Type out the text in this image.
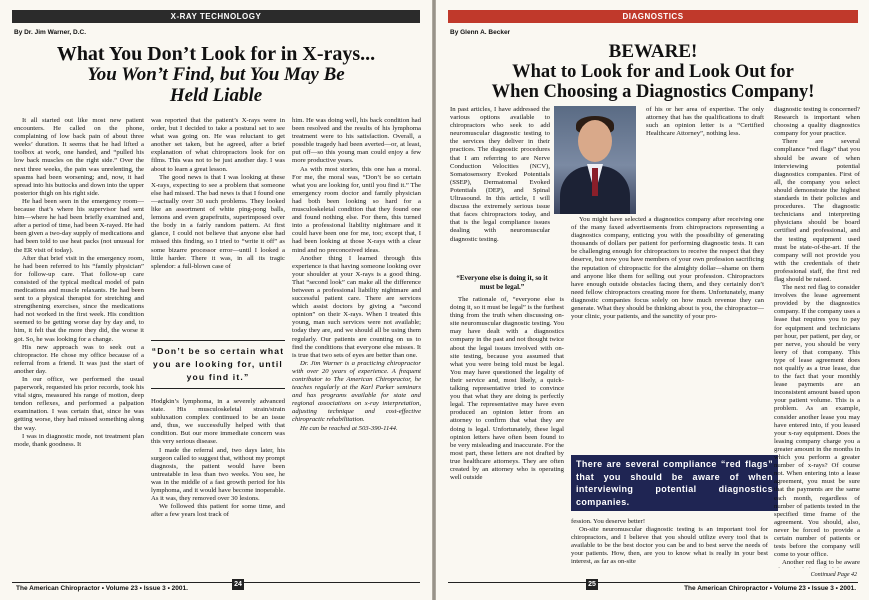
X-RAY TECHNOLOGY
By Dr. Jim Warner, D.C.
What You Don’t Look for in X-rays...
You Won’t Find, but You May Be Held Liable

It all started out like most new patient encounters. He called on the phone, complaining of low back pain of about three weeks’ duration. It seems that he had lifted a toolbox at work, one handed, and “pulled his low back muscles on the right side.” Over the next three weeks, the pain was unrelenting, the spasms had been worsening; and, now, it had spread into his buttocks and down into the upper posterior thigh on his right side.

He had been seen in the emergency room—because that’s where his supervisor had sent him—where he had been briefly examined and, after a period of time, had been X-rayed. He had been given a two-day supply of medications and had been told to use heat packs (not unusual for the ER visit of today).

After that brief visit in the emergency room, he had been referred to his “family physician” for follow-up care. That follow-up care consisted of the typical medical model of pain medications and muscle relaxants. He had been sent to a physical therapist for stretching and strengthening exercises, since the medications had not worked in the first week. His condition seemed to be getting worse day by day and, to him, it felt that the more they did, the worse it got. So, he was looking for a change.

His new approach was to seek out a chiropractor. He chose my office because of a referral from a friend. It was just the start of another day.

In our office, we performed the usual paperwork, requested his prior records, took his vital signs, measured his range of motion, deep tendon reflexes, and performed a palpation examination. I was certain that, since he was getting worse, they had missed something along the way.

I was in diagnostic mode, not treatment plan mode, thank goodness. It

was reported that the patient’s X-rays were in order, but I decided to take a postural set to see what was going on. He was reluctant to get another set taken, but he agreed, after a brief explanation of what chiropractors look for on films. This was not to be just another day. I was about to learn a great lesson.

The good news is that I was looking at these X-rays, expecting to see a problem that someone else had missed. The bad news is that I found one—actually over 30 such problems. They looked like an assortment of white ping-pong balls, lemons and even grapefruits, superimposed over the body in a fairly random pattern. At first glance, I could not believe that anyone else had missed this finding, so I tried to “write it off” as some bizarre processor error—until I looked a little harder. There it was, in all its tragic splendor: a full-blown case of

“Don’t be so certain what you are looking for, until you find it.”

Hodgkin’s lymphoma, in a severely advanced state. His musculoskeletal strain/strain subluxation complex continued to be an issue and, thus, we successfully helped with that condition. But our more immediate concern was this very serious disease.

I made the referral and, two days later, his surgeon called to suggest that, without my prompt diagnosis, the patient would have been untreatable in less than two weeks. You see, he was in the middle of a fast growth period for his lymphoma, and it would have become inoperable. As it was, they removed over 30 lesions.

We followed this patient for some time, and after a few years lost track of

him. He was doing well, his back condition had been resolved and the results of his lymphoma treatment were to his satisfaction. Overall, a possible tragedy had been averted—or, at least, put off—so this young man could enjoy a few more productive years.

As with most stories, this one has a moral. For me, the moral was, “Don’t be so certain what you are looking for, until you find it.” The emergency room doctor and family physician had both been looking so hard for a musculoskeletal condition that they found one and found nothing else. For them, this turned into a professional liability nightmare and it could have been one for me, too; except that, I had been looking at those X-rays with a clear mind and no preconceived ideas.

Another thing I learned through this experience is that having someone looking over your shoulder at your X-rays is a good thing. That “second look” can make all the difference between a professional liability nightmare and successful patient care. There are services which assist doctors by giving a “second opinion” on their X-rays. When I treated this young, man such services were not available; today they are, and we should all be using them regularly. Our patients are counting on us to find the conditions that everyone else misses. It is true that two sets of eyes are better than one.

Dr. Jim Warner is a practicing chiropractor with over 20 years of experience. A frequent contributor to The American Chiropractor, he teaches regularly at the Karl Parker seminars and has programs available for state and regional associations on x-ray interpretation, adjusting technique and cost-effective chiropractic rehabilitation.

He can be reached at 503-390-1144.

The American Chiropractor • Volume 23 • Issue 3 • 2001.
24
DIAGNOSTICS
By Glenn A. Becker
BEWARE!
What to Look for and Look Out for When Choosing a Diagnostics Company!

In past articles, I have addressed the various options available to chiropractors who seek to add neuromuscular diagnostic testing to the services they deliver in their practices. The diagnostic procedures that I am referring to are Nerve Conduction Velocities (NCV), Somatosensory Evoked Potentials (SSEP), Dermatomal Evoked Potentials (DEP), and Spinal Ultrasound. In this article, I will discuss the extremely serious issue that faces chiropractors today, and that is the legal compliance issues dealing with neuromuscular diagnostic testing.

“Everyone else is doing it, so it must be legal.”

The rationale of, “everyone else is doing it, so it must be legal” is the furthest thing from the truth when discussing on-site neuromuscular diagnostic testing. You may have dealt with a diagnostics company in the past and not thought twice about the legal issues involved with on-site testing, because you assumed that what you were being told must be legal. You may have questioned the legality of their service and, most likely, a quick-talking representative tried to convince you that what they are doing is perfectly legal. The representative may have even produced an opinion letter from an attorney to confirm that what they are doing is legal. Unfortunately, these legal opinion letters have often been found to be very misleading and inaccurate. For the most part, these letters are not drafted by true healthcare attorneys. They are often created by an attorney who is operating well outside

of his or her area of expertise. The only attorney that has the qualifications to draft such an opinion letter is a “Certified Healthcare Attorney”, nothing less.

You might have selected a diagnostics company after receiving one of the many faxed advertisements from chiropractors representing a diagnostics company, enticing you with the possibility of generating thousands of dollars per patient for performing diagnostic tests. It can be challenging enough for chiropractors to receive the respect that they deserve, but now you have members of your own profession sacrificing the reputation of chiropractic for the almighty dollar—shame on them and anyone like them for selling out your profession. Chiropractors have enough outside obstacles facing them, and they certainly don’t need fellow chiropractors creating more for them. Unfortunately, many diagnostic companies focus solely on how much revenue they can generate. What they should be thinking about is you, the chiropractor—your clinic, your patients, and the sanctity of your pro-

There are several compliance “red flags” that you should be aware of when interviewing potential diagnostics companies.

fession. You deserve better!

On-site neuromuscular diagnostic testing is an important tool for chiropractors, and I believe that you should utilize every tool that is available to be the best doctor you can be and to best serve the needs of your patients. How, then, are you to know what is really in your best interest, as far as on-site

diagnostic testing is concerned? Research is important when choosing a quality diagnostics company for your practice.

There are several compliance “red flags” that you should be aware of when interviewing potential diagnostics companies. First of all, the company you select should demonstrate the highest standards in their policies and procedures. The diagnostic technicians and interpreting physicians should be board certified and professional, and the testing equipment used must be state-of-the-art. If the company will not provide you with the credentials of their professional staff, the first red flag should be raised.

The next red flag to consider involves the lease agreement provided by the diagnostics company. If the company uses a lease that requires you to pay for equipment and technicians per hour, per patient, per day, or per nerve, you should be very leery of that company. This type of lease agreement does not qualify as a true lease, due to the fact that your monthly lease payments are an inconsistent amount based upon your patient volume. This is a problem. As an example, consider another lease you may have entered into, if you leased your x-ray equipment. Does the leasing company charge you a greater amount in the months in which you perform a greater number of x-rays? Of course not. When entering into a lease agreement, you must be sure that the payments are the same each month, regardless of number of patients tested in the specified time frame of the agreement. You should, also, never be forced to provide a certain number of patients or tests before the company will come to your office.

Another red flag to be aware

Continued Page 42
The American Chiropractor • Volume 23 • Issue 3 • 2001.
25
